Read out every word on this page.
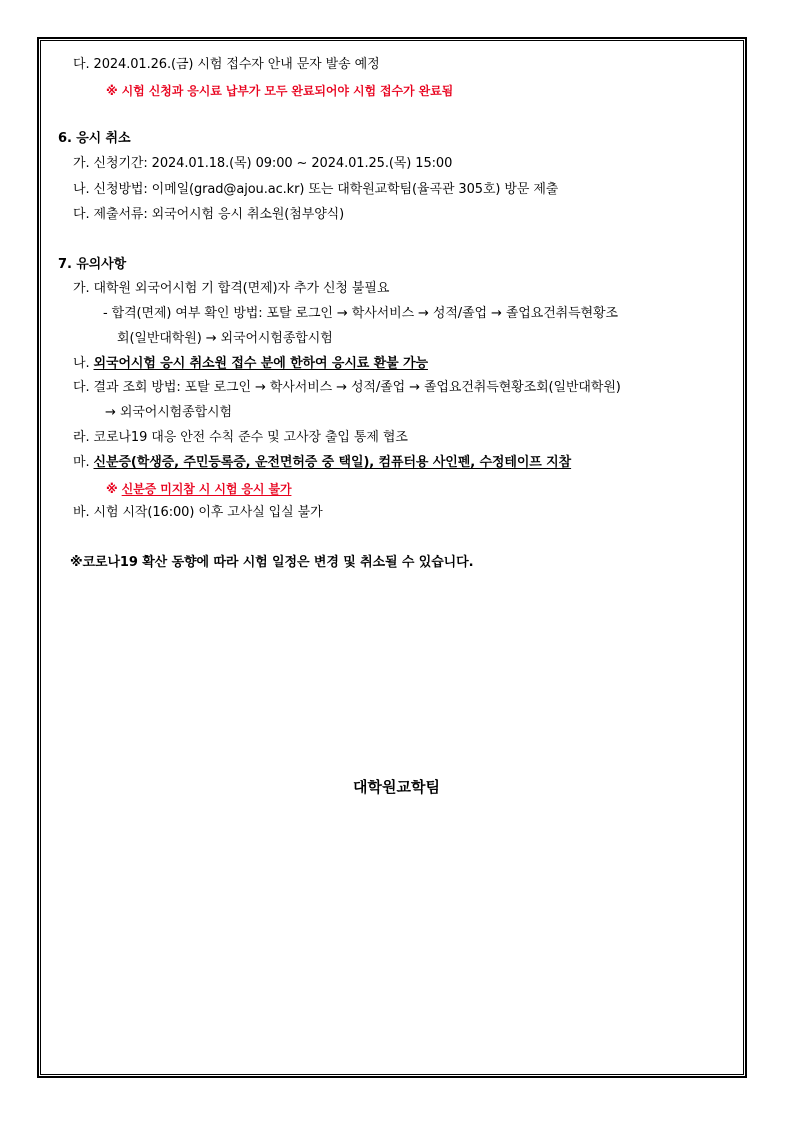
다. 2024.01.26.(금) 시험 접수자 안내 문자 발송 예정
※ 시험 신청과 응시료 납부가 모두 완료되어야 시험 접수가 완료됨
6. 응시 취소
가. 신청기간: 2024.01.18.(목) 09:00 ~ 2024.01.25.(목) 15:00
나. 신청방법: 이메일(grad@ajou.ac.kr) 또는 대학원교학팀(율곡관 305호) 방문 제출
다. 제출서류: 외국어시험 응시 취소원(첨부양식)
7. 유의사항
가. 대학원 외국어시험 기 합격(면제)자 추가 신청 불필요
- 합격(면제) 여부 확인 방법: 포탈 로그인 → 학사서비스 → 성적/졸업 → 졸업요건취득현황조
회(일반대학원) → 외국어시험종합시험
나. 외국어시험 응시 취소원 접수 분에 한하여 응시료 환불 가능
다. 결과 조회 방법: 포탈 로그인 → 학사서비스 → 성적/졸업 → 졸업요건취득현황조회(일반대학원)
→ 외국어시험종합시험
라. 코로나19 대응 안전 수칙 준수 및 고사장 출입 통제 협조
마. 신분증(학생증, 주민등록증, 운전면허증 중 택일), 컴퓨터용 사인펜, 수정테이프 지참
※ 신분증 미지참 시 시험 응시 불가
바. 시험 시작(16:00) 이후 고사실 입실 불가
※코로나19 확산 동향에 따라 시험 일정은 변경 및 취소될 수 있습니다.
대학원교학팀
